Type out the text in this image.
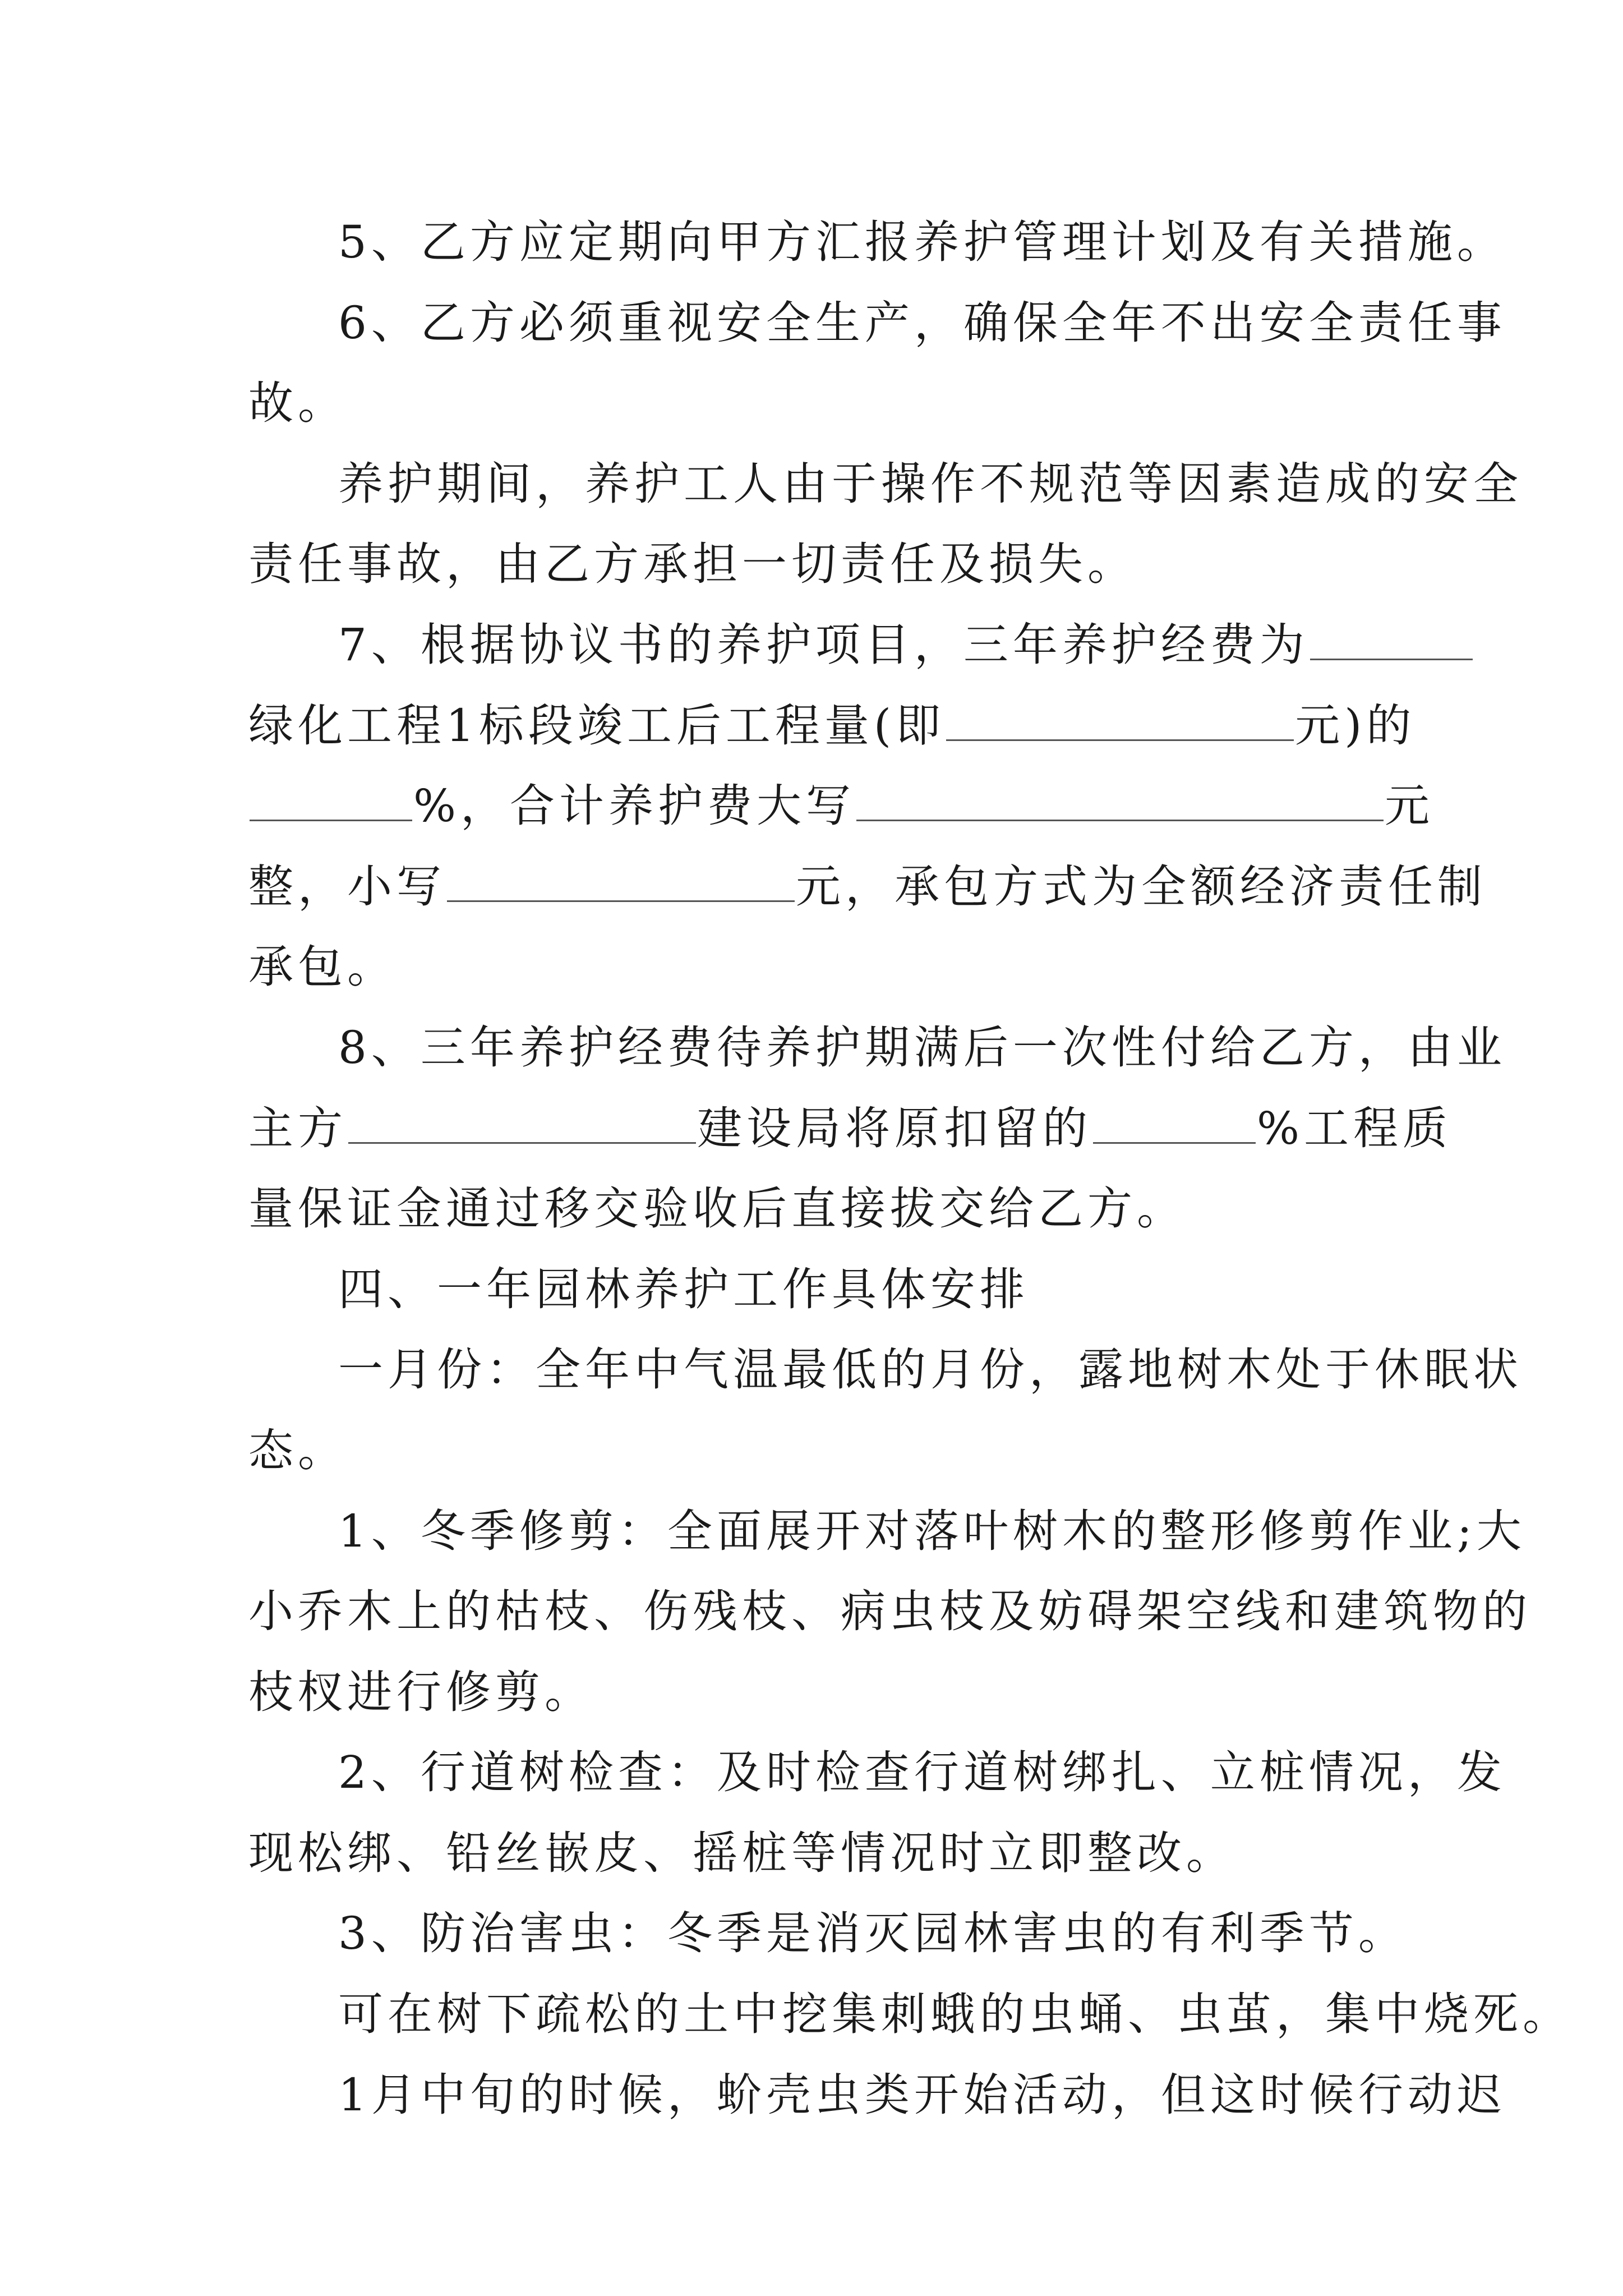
5、乙方应定期向甲方汇报养护管理计划及有关措施。
6、乙方必须重视安全生产，确保全年不出安全责任事
故。
养护期间，养护工人由于操作不规范等因素造成的安全
责任事故，由乙方承担一切责任及损失。
7、根据协议书的养护项目，三年养护经费为
绿化工程1标段竣工后工程量(即	元)的
%，合计养护费大写	元
整，小写	元，承包方式为全额经济责任制
承包。
8、三年养护经费待养护期满后一次性付给乙方，由业
主方	建设局将原扣留的	%工程质
量保证金通过移交验收后直接拔交给乙方。
四、一年园林养护工作具体安排
一月份：全年中气温最低的月份，露地树木处于休眠状
态。
1、冬季修剪：全面展开对落叶树木的整形修剪作业;大
小乔木上的枯枝、伤残枝、病虫枝及妨碍架空线和建筑物的
枝杈进行修剪。
2、行道树检查：及时检查行道树绑扎、立桩情况，发
现松绑、铅丝嵌皮、摇桩等情况时立即整改。
3、防治害虫：冬季是消灭园林害虫的有利季节。
可在树下疏松的土中挖集刺蛾的虫蛹、虫茧，集中烧死。
1月中旬的时候，蚧壳虫类开始活动，但这时候行动迟
